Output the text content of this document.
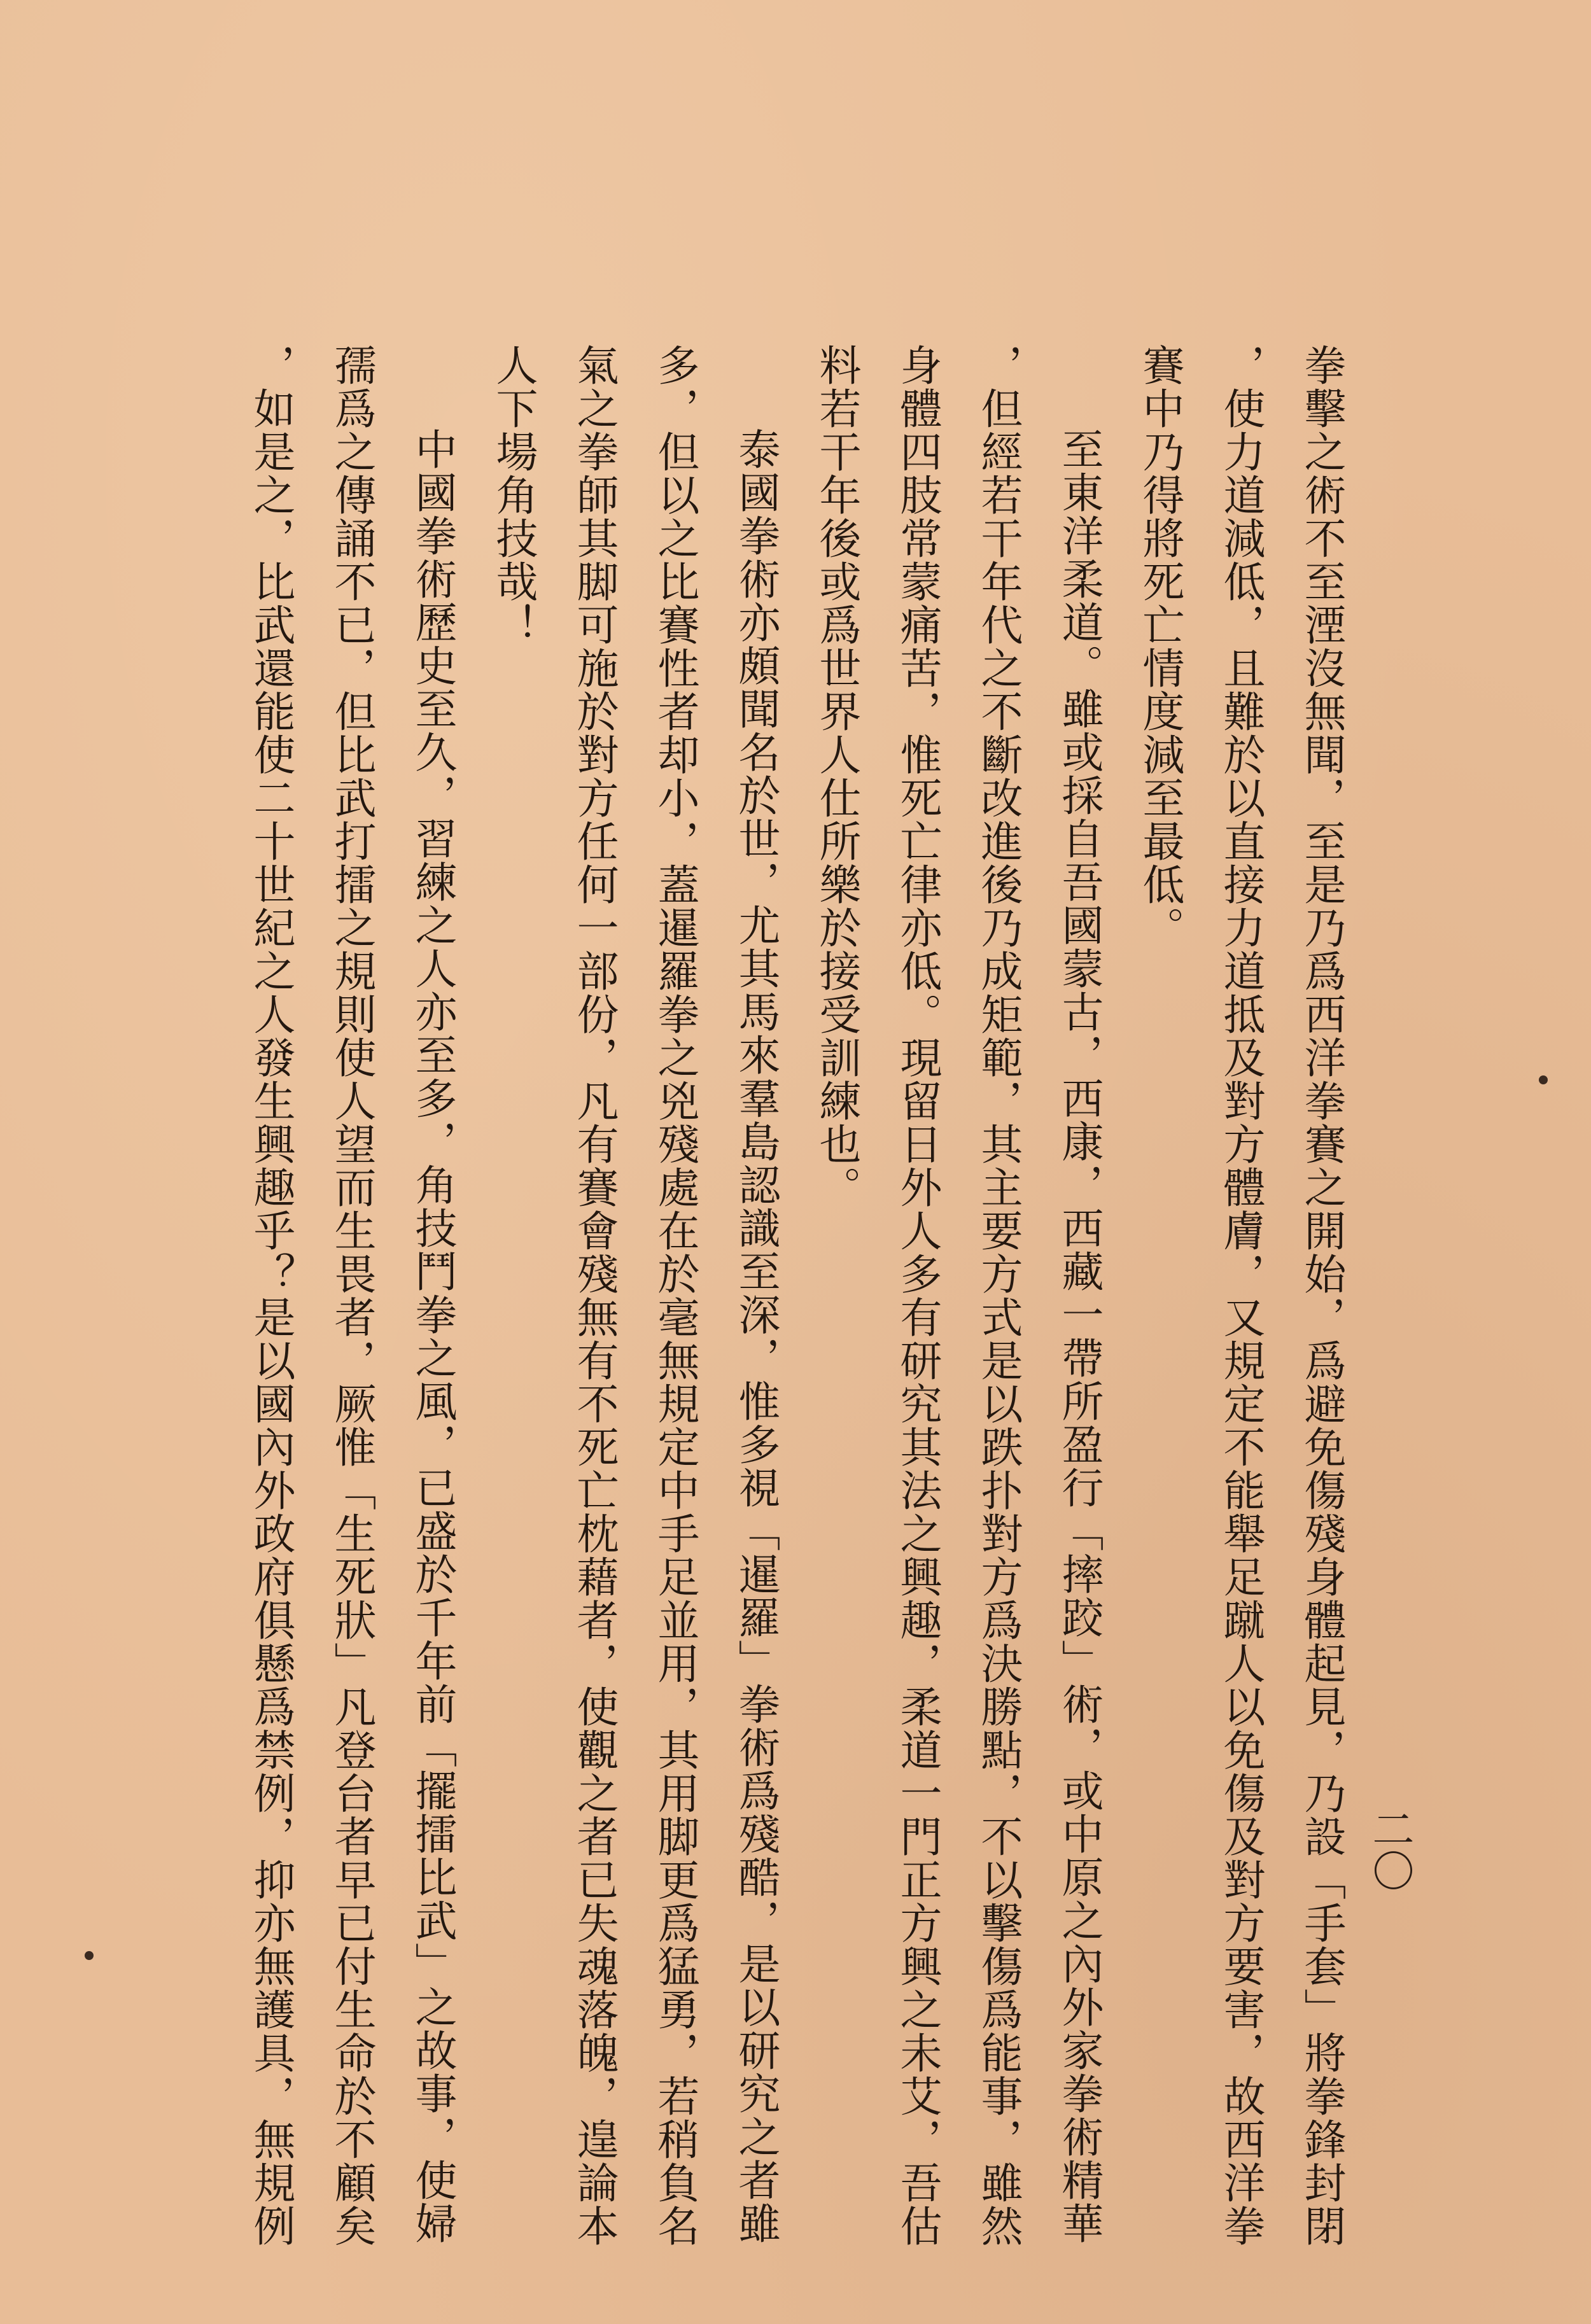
二〇

拳擊之術不至湮沒無聞，至是乃爲西洋拳賽之開始，爲避免傷殘身體起見，乃設「手套」將拳鋒封閉

，使力道減低，且難於以直接力道抵及對方體膚，又規定不能舉足蹴人以免傷及對方要害，故西洋拳

賽中乃得將死亡情度減至最低。

至東洋柔道。雖或採自吾國蒙古，西康，西藏一帶所盈行「摔跤」術，或中原之內外家拳術精華

，但經若干年代之不斷改進後乃成矩範，其主要方式是以跌扑對方爲決勝點，不以擊傷爲能事，雖然

身體四肢常蒙痛苦，惟死亡律亦低。現留日外人多有研究其法之興趣，柔道一門正方興之未艾，吾估

料若干年後或爲世界人仕所樂於接受訓練也。

泰國拳術亦頗聞名於世，尤其馬來羣島認識至深，惟多視「暹羅」拳術爲殘酷，是以研究之者雖

多，但以之比賽性者却小，蓋暹羅拳之兇殘處在於毫無規定中手足並用，其用脚更爲猛勇，若稍負名

氣之拳師其脚可施於對方任何一部份，凡有賽會殘無有不死亡枕藉者，使觀之者已失魂落魄，遑論本

人下場角技哉！

中國拳術歷史至久，習練之人亦至多，角技鬥拳之風，已盛於千年前「擺擂比武」之故事，使婦

孺爲之傳誦不已，但比武打擂之規則使人望而生畏者，厥惟「生死狀」凡登台者早已付生命於不顧矣

，如是之，比武還能使二十世紀之人發生興趣乎？是以國內外政府俱懸爲禁例，抑亦無護具，無規例
